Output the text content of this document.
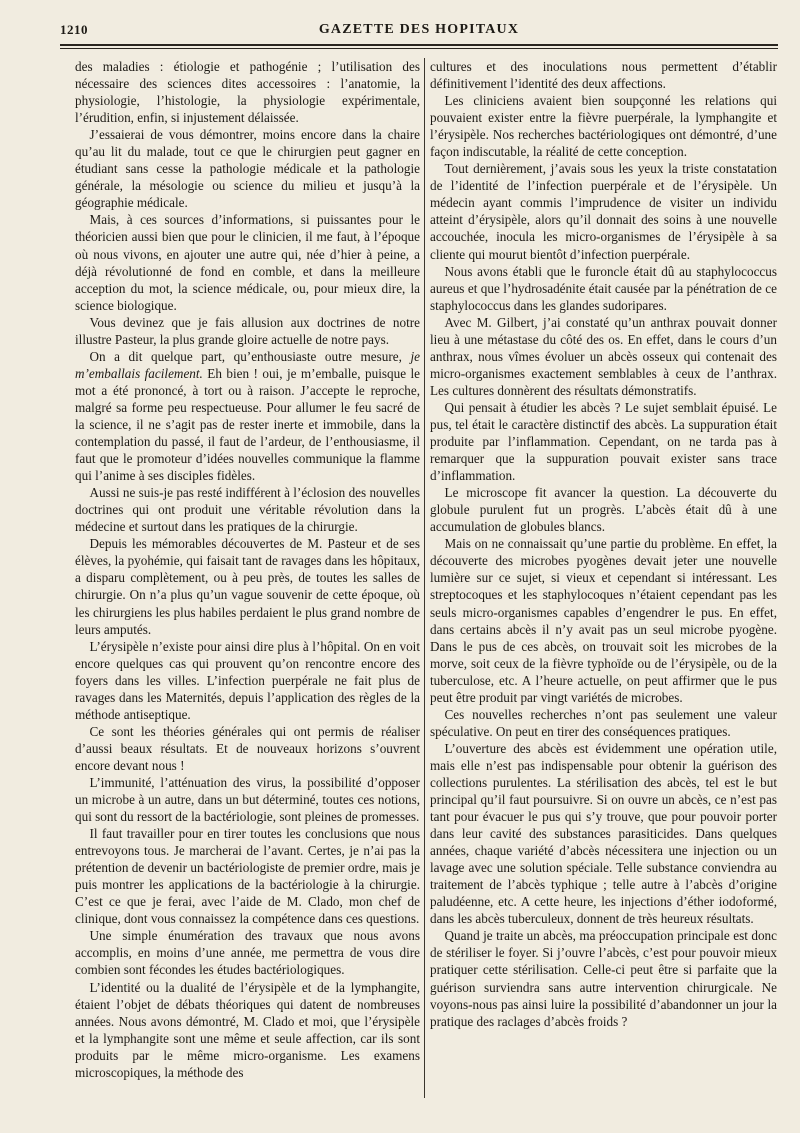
1210	GAZETTE DES HOPITAUX

des maladies : étiologie et pathogénie ; l’utilisation des nécessaire des sciences dites accessoires : l’anatomie, la physiologie, l’histologie, la physiologie expérimentale, l’érudition, enfin, si injustement délaissée.

J’essaierai de vous démontrer, moins encore dans la chaire qu’au lit du malade, tout ce que le chirurgien peut gagner en étudiant sans cesse la pathologie médicale et la pathologie générale, la mésologie ou science du milieu et jusqu’à la géographie médicale.

Mais, à ces sources d’informations, si puissantes pour le théoricien aussi bien que pour le clinicien, il me faut, à l’époque où nous vivons, en ajouter une autre qui, née d’hier à peine, a déjà révolutionné de fond en comble, et dans la meilleure acception du mot, la science médicale, ou, pour mieux dire, la science biologique.

Vous devinez que je fais allusion aux doctrines de notre illustre Pasteur, la plus grande gloire actuelle de notre pays.

On a dit quelque part, qu’enthousiaste outre mesure, je m’emballais facilement. Eh bien ! oui, je m’emballe, puisque le mot a été prononcé, à tort ou à raison. J’accepte le reproche, malgré sa forme peu respectueuse. Pour allumer le feu sacré de la science, il ne s’agit pas de rester inerte et immobile, dans la contemplation du passé, il faut de l’ardeur, de l’enthousiasme, il faut que le promoteur d’idées nouvelles communique la flamme qui l’anime à ses disciples fidèles.

Aussi ne suis-je pas resté indifférent à l’éclosion des nouvelles doctrines qui ont produit une véritable révolution dans la médecine et surtout dans les pratiques de la chirurgie.

Depuis les mémorables découvertes de M. Pasteur et de ses élèves, la pyohémie, qui faisait tant de ravages dans les hôpitaux, a disparu complètement, ou à peu près, de toutes les salles de chirurgie. On n’a plus qu’un vague souvenir de cette époque, où les chirurgiens les plus habiles perdaient le plus grand nombre de leurs amputés.

L’érysipèle n’existe pour ainsi dire plus à l’hôpital. On en voit encore quelques cas qui prouvent qu’on rencontre encore des foyers dans les villes. L’infection puerpérale ne fait plus de ravages dans les Maternités, depuis l’application des règles de la méthode antiseptique.

Ce sont les théories générales qui ont permis de réaliser d’aussi beaux résultats. Et de nouveaux horizons s’ouvrent encore devant nous !

L’immunité, l’atténuation des virus, la possibilité d’opposer un microbe à un autre, dans un but déterminé, toutes ces notions, qui sont du ressort de la bactériologie, sont pleines de promesses.

Il faut travailler pour en tirer toutes les conclusions que nous entrevoyons tous. Je marcherai de l’avant. Certes, je n’ai pas la prétention de devenir un bactériologiste de premier ordre, mais je puis montrer les applications de la bactériologie à la chirurgie. C’est ce que je ferai, avec l’aide de M. Clado, mon chef de clinique, dont vous connaissez la compétence dans ces questions.

Une simple énumération des travaux que nous avons accomplis, en moins d’une année, me permettra de vous dire combien sont fécondes les études bactériologiques.

L’identité ou la dualité de l’érysipèle et de la lymphangite, étaient l’objet de débats théoriques qui datent de nombreuses années. Nous avons démontré, M. Clado et moi, que l’érysipèle et la lymphangite sont une même et seule affection, car ils sont produits par le même micro-organisme. Les examens microscopiques, la méthode des

cultures et des inoculations nous permettent d’établir définitivement l’identité des deux affections.

Les cliniciens avaient bien soupçonné les relations qui pouvaient exister entre la fièvre puerpérale, la lymphangite et l’érysipèle. Nos recherches bactériologiques ont démontré, d’une façon indiscutable, la réalité de cette conception.

Tout dernièrement, j’avais sous les yeux la triste constatation de l’identité de l’infection puerpérale et de l’érysipèle. Un médecin ayant commis l’imprudence de visiter un individu atteint d’érysipèle, alors qu’il donnait des soins à une nouvelle accouchée, inocula les micro-organismes de l’érysipèle à sa cliente qui mourut bientôt d’infection puerpérale.

Nous avons établi que le furoncle était dû au staphylococcus aureus et que l’hydrosadénite était causée par la pénétration de ce staphylococcus dans les glandes sudoripares.

Avec M. Gilbert, j’ai constaté qu’un anthrax pouvait donner lieu à une métastase du côté des os. En effet, dans le cours d’un anthrax, nous vîmes évoluer un abcès osseux qui contenait des micro-organismes exactement semblables à ceux de l’anthrax. Les cultures donnèrent des résultats démonstratifs.

Qui pensait à étudier les abcès ? Le sujet semblait épuisé. Le pus, tel était le caractère distinctif des abcès. La suppuration était produite par l’inflammation. Cependant, on ne tarda pas à remarquer que la suppuration pouvait exister sans trace d’inflammation.

Le microscope fit avancer la question. La découverte du globule purulent fut un progrès. L’abcès était dû à une accumulation de globules blancs.

Mais on ne connaissait qu’une partie du problème. En effet, la découverte des microbes pyogènes devait jeter une nouvelle lumière sur ce sujet, si vieux et cependant si intéressant. Les streptocoques et les staphylocoques n’étaient cependant pas les seuls micro-organismes capables d’engendrer le pus. En effet, dans certains abcès il n’y avait pas un seul microbe pyogène. Dans le pus de ces abcès, on trouvait soit les microbes de la morve, soit ceux de la fièvre typhoïde ou de l’érysipèle, ou de la tuberculose, etc. A l’heure actuelle, on peut affirmer que le pus peut être produit par vingt variétés de microbes.

Ces nouvelles recherches n’ont pas seulement une valeur spéculative. On peut en tirer des conséquences pratiques.

L’ouverture des abcès est évidemment une opération utile, mais elle n’est pas indispensable pour obtenir la guérison des collections purulentes. La stérilisation des abcès, tel est le but principal qu’il faut poursuivre. Si on ouvre un abcès, ce n’est pas tant pour évacuer le pus qui s’y trouve, que pour pouvoir porter dans leur cavité des substances parasiticides. Dans quelques années, chaque variété d’abcès nécessitera une injection ou un lavage avec une solution spéciale. Telle substance conviendra au traitement de l’abcès typhique ; telle autre à l’abcès d’origine paludéenne, etc. A cette heure, les injections d’éther iodoformé, dans les abcès tuberculeux, donnent de très heureux résultats.

Quand je traite un abcès, ma préoccupation principale est donc de stériliser le foyer. Si j’ouvre l’abcès, c’est pour pouvoir mieux pratiquer cette stérilisation. Celle-ci peut être si parfaite que la guérison surviendra sans autre intervention chirurgicale. Ne voyons-nous pas ainsi luire la possibilité d’abandonner un jour la pratique des raclages d’abcès froids ?
